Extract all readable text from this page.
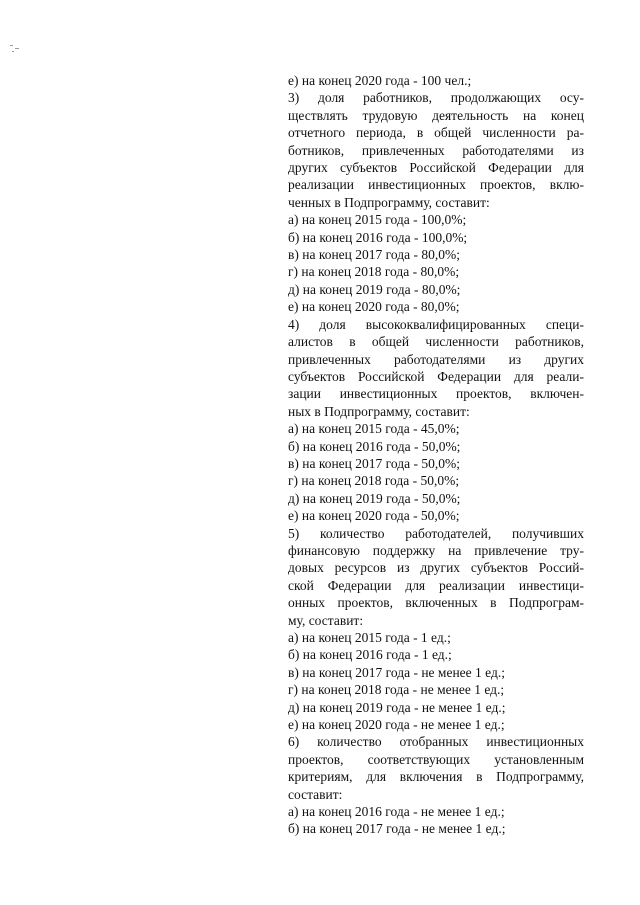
е) на конец 2020 года - 100 чел.;
3) доля работников, продолжающих осу-
ществлять трудовую деятельность на конец
отчетного периода, в общей численности ра-
ботников, привлеченных работодателями из
других субъектов Российской Федерации для
реализации инвестиционных проектов, вклю-
ченных в Подпрограмму, составит:
а) на конец 2015 года - 100,0%;
б) на конец 2016 года - 100,0%;
в) на конец 2017 года - 80,0%;
г) на конец 2018 года - 80,0%;
д) на конец 2019 года - 80,0%;
е) на конец 2020 года - 80,0%;
4) доля высококвалифицированных специ-
алистов в общей численности работников,
привлеченных работодателями из других
субъектов Российской Федерации для реали-
зации инвестиционных проектов, включен-
ных в Подпрограмму, составит:
а) на конец 2015 года - 45,0%;
б) на конец 2016 года - 50,0%;
в) на конец 2017 года - 50,0%;
г) на конец 2018 года - 50,0%;
д) на конец 2019 года - 50,0%;
е) на конец 2020 года - 50,0%;
5) количество работодателей, получивших
финансовую поддержку на привлечение тру-
довых ресурсов из других субъектов Россий-
ской Федерации для реализации инвестици-
онных проектов, включенных в Подпрограм-
му, составит:
а) на конец 2015 года - 1 ед.;
б) на конец 2016 года - 1 ед.;
в) на конец 2017 года - не менее 1 ед.;
г) на конец 2018 года - не менее 1 ед.;
д) на конец 2019 года - не менее 1 ед.;
е) на конец 2020 года - не менее 1 ед.;
6) количество отобранных инвестиционных
проектов, соответствующих установленным
критериям, для включения в Подпрограмму,
составит:
а) на конец 2016 года - не менее 1 ед.;
б) на конец 2017 года - не менее 1 ед.;
